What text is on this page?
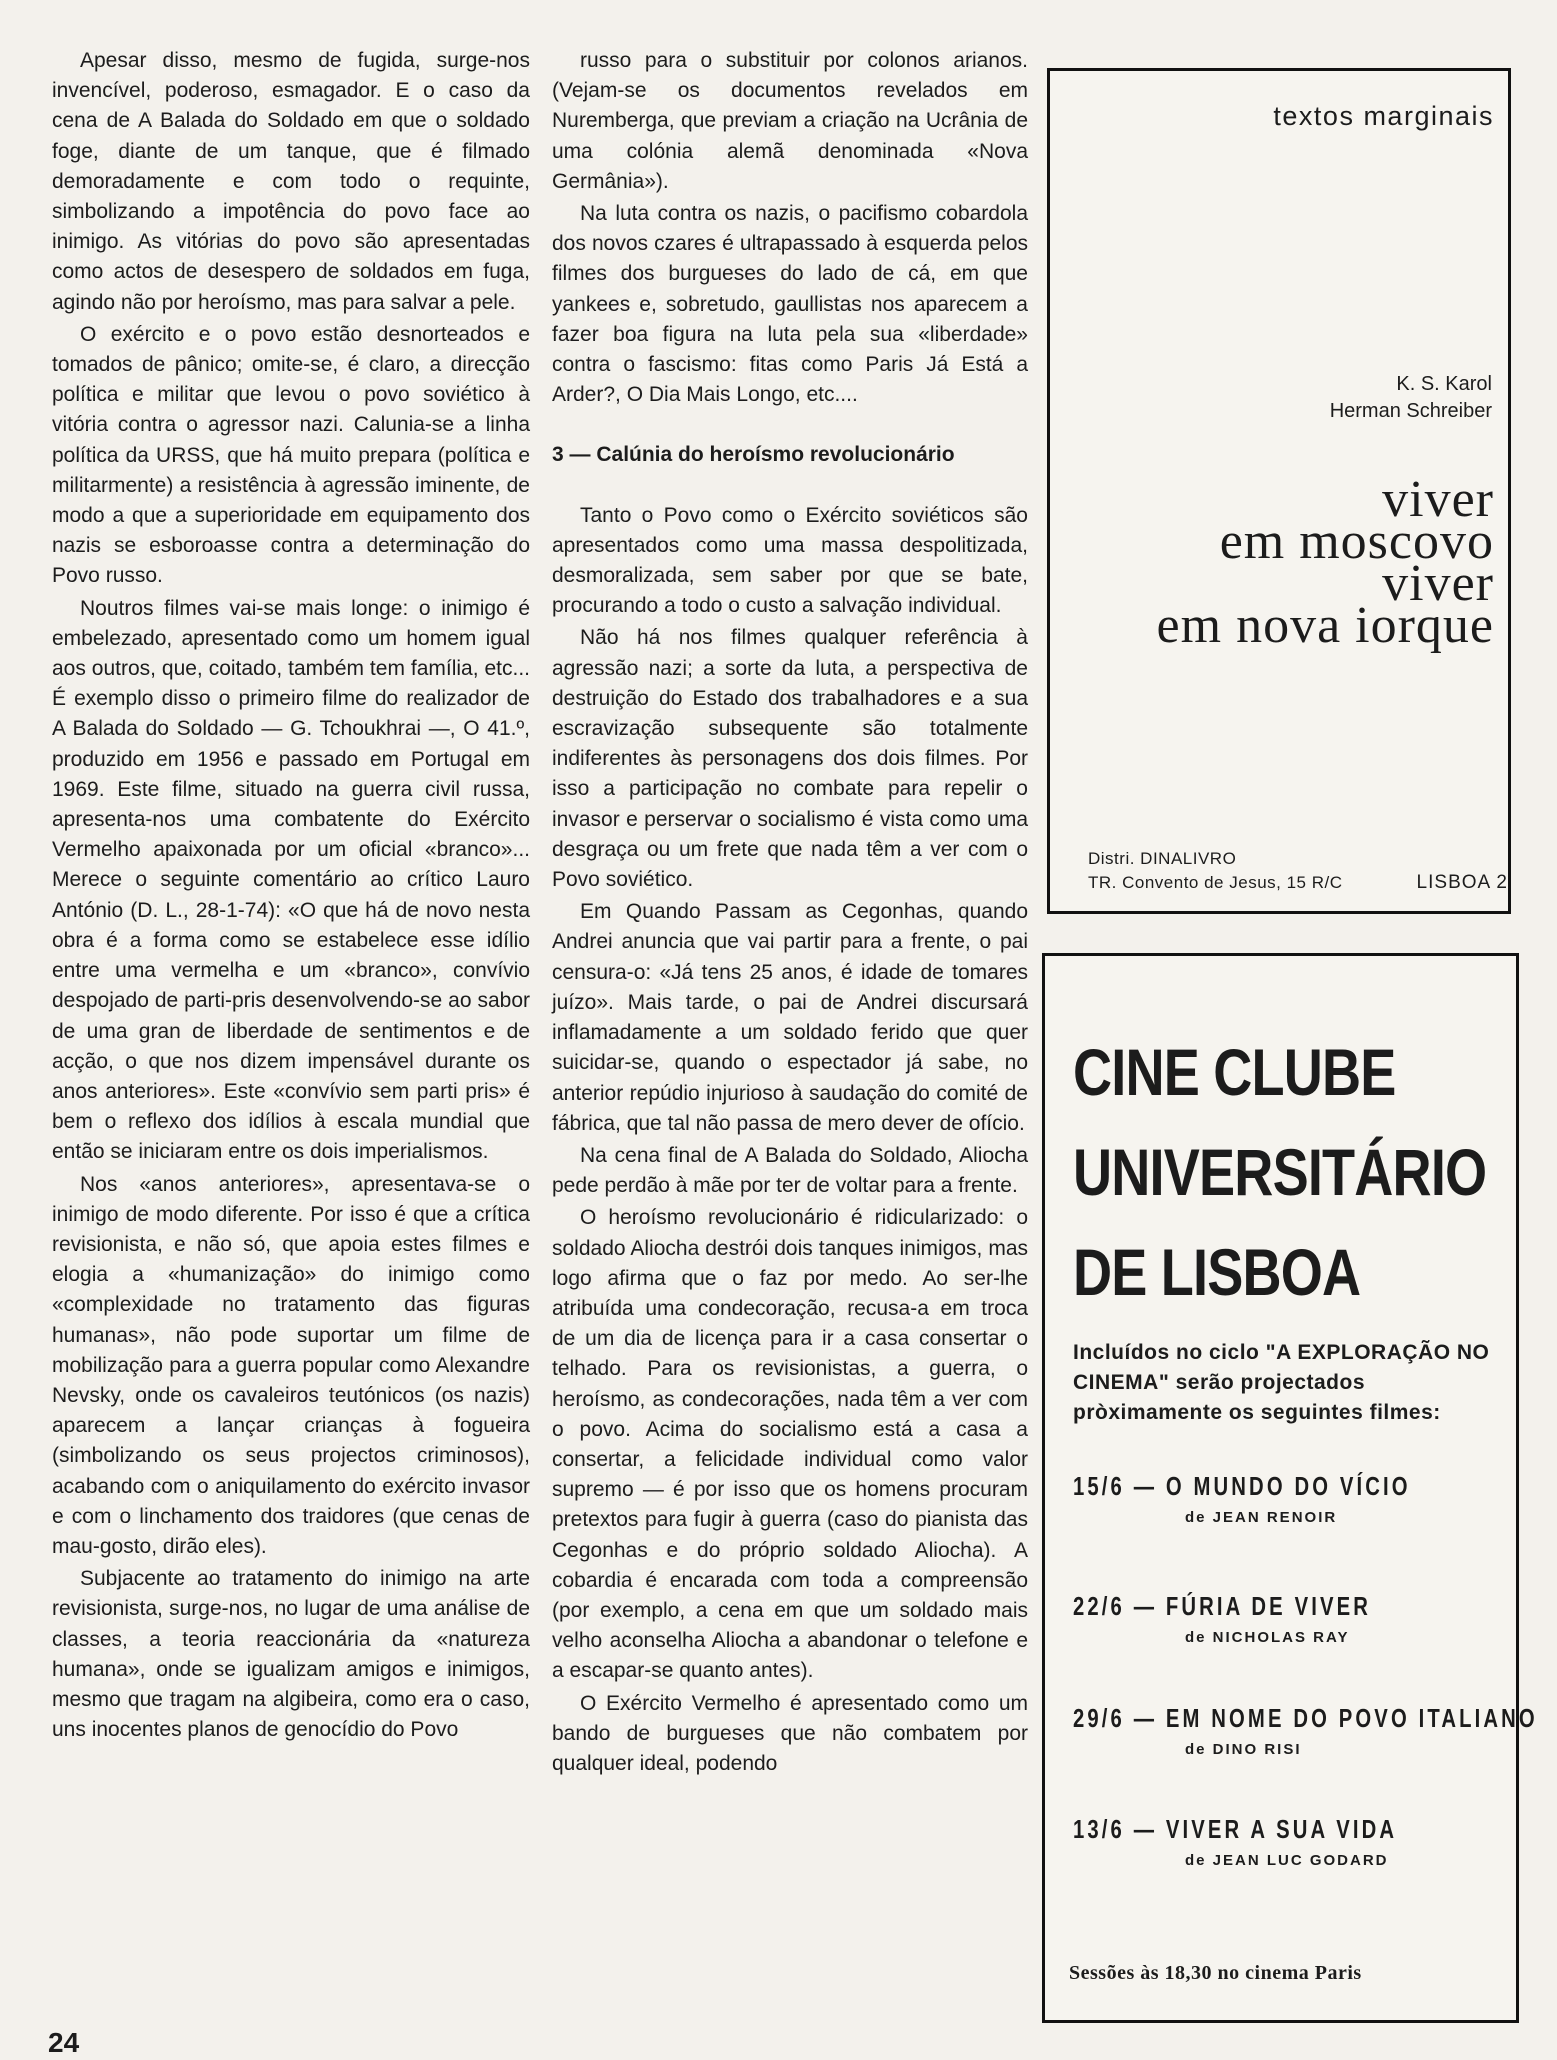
Apesar disso, mesmo de fugida, surge-nos invencível, poderoso, esmagador. E o caso da cena de A Balada do Soldado em que o soldado foge, diante de um tanque, que é filmado demoradamente e com todo o requinte, simbolizando a impotência do povo face ao inimigo. As vitórias do povo são apresentadas como actos de desespero de soldados em fuga, agindo não por heroísmo, mas para salvar a pele.

O exército e o povo estão desnorteados e tomados de pânico; omite-se, é claro, a direcção política e militar que levou o povo soviético à vitória contra o agressor nazi. Calunia-se a linha política da URSS, que há muito prepara (política e militarmente) a resistência à agressão iminente, de modo a que a superioridade em equipamento dos nazis se esboroasse contra a determinação do Povo russo.

Noutros filmes vai-se mais longe: o inimigo é embelezado, apresentado como um homem igual aos outros, que, coitado, também tem família, etc... É exemplo disso o primeiro filme do realizador de A Balada do Soldado — G. Tchoukhrai —, O 41.º, produzido em 1956 e passado em Portugal em 1969. Este filme, situado na guerra civil russa, apresenta-nos uma combatente do Exército Vermelho apaixonada por um oficial «branco»... Merece o seguinte comentário ao crítico Lauro António (D. L., 28-1-74): «O que há de novo nesta obra é a forma como se estabelece esse idílio entre uma vermelha e um «branco», convívio despojado de parti-pris desenvolvendo-se ao sabor de uma gran de liberdade de sentimentos e de acção, o que nos dizem impensável durante os anos anteriores». Este «convívio sem parti pris» é bem o reflexo dos idílios à escala mundial que então se iniciaram entre os dois imperialismos.

Nos «anos anteriores», apresentava-se o inimigo de modo diferente. Por isso é que a crítica revisionista, e não só, que apoia estes filmes e elogia a «humanização» do inimigo como «complexidade no tratamento das figuras humanas», não pode suportar um filme de mobilização para a guerra popular como Alexandre Nevsky, onde os cavaleiros teutónicos (os nazis) aparecem a lançar crianças à fogueira (simbolizando os seus projectos criminosos), acabando com o aniquilamento do exército invasor e com o linchamento dos traidores (que cenas de mau-gosto, dirão eles).

Subjacente ao tratamento do inimigo na arte revisionista, surge-nos, no lugar de uma análise de classes, a teoria reaccionária da «natureza humana», onde se igualizam amigos e inimigos, mesmo que tragam na algibeira, como era o caso, uns inocentes planos de genocídio do Povo

russo para o substituir por colonos arianos. (Vejam-se os documentos revelados em Nuremberga, que previam a criação na Ucrânia de uma colónia alemã denominada «Nova Germânia»).

Na luta contra os nazis, o pacifismo cobardola dos novos czares é ultrapassado à esquerda pelos filmes dos burgueses do lado de cá, em que yankees e, sobretudo, gaullistas nos aparecem a fazer boa figura na luta pela sua «liberdade» contra o fascismo: fitas como Paris Já Está a Arder?, O Dia Mais Longo, etc....

3 — Calúnia do heroísmo revolucionário

Tanto o Povo como o Exército soviéticos são apresentados como uma massa despolitizada, desmoralizada, sem saber por que se bate, procurando a todo o custo a salvação individual.

Não há nos filmes qualquer referência à agressão nazi; a sorte da luta, a perspectiva de destruição do Estado dos trabalhadores e a sua escravização subsequente são totalmente indiferentes às personagens dos dois filmes. Por isso a participação no combate para repelir o invasor e perservar o socialismo é vista como uma desgraça ou um frete que nada têm a ver com o Povo soviético.

Em Quando Passam as Cegonhas, quando Andrei anuncia que vai partir para a frente, o pai censura-o: «Já tens 25 anos, é idade de tomares juízo». Mais tarde, o pai de Andrei discursará inflamadamente a um soldado ferido que quer suicidar-se, quando o espectador já sabe, no anterior repúdio injurioso à saudação do comité de fábrica, que tal não passa de mero dever de ofício.

Na cena final de A Balada do Soldado, Aliocha pede perdão à mãe por ter de voltar para a frente.

O heroísmo revolucionário é ridicularizado: o soldado Aliocha destrói dois tanques inimigos, mas logo afirma que o faz por medo. Ao ser-lhe atribuída uma condecoração, recusa-a em troca de um dia de licença para ir a casa consertar o telhado. Para os revisionistas, a guerra, o heroísmo, as condecorações, nada têm a ver com o povo. Acima do socialismo está a casa a consertar, a felicidade individual como valor supremo — é por isso que os homens procuram pretextos para fugir à guerra (caso do pianista das Cegonhas e do próprio soldado Aliocha). A cobardia é encarada com toda a compreensão (por exemplo, a cena em que um soldado mais velho aconselha Aliocha a abandonar o telefone e a escapar-se quanto antes).

O Exército Vermelho é apresentado como um bando de burgueses que não combatem por qualquer ideal, podendo

textos marginais
K. S. Karol
Herman Schreiber
viver
em moscovo
viver
em nova iorque
Distri. DINALIVRO
TR. Convento de Jesus, 15 R/C	LISBOA 2
CINE CLUBE
UNIVERSITÁRIO
DE LISBOA
Incluídos no ciclo "A EXPLORAÇÃO NO CINEMA" serão projectados pròximamente os seguintes filmes:
15/6 — O MUNDO DO VÍCIO
de JEAN RENOIR
22/6 — FÚRIA DE VIVER
de NICHOLAS RAY
29/6 — EM NOME DO POVO ITALIANO
de DINO RISI
13/6 — VIVER A SUA VIDA
de JEAN LUC GODARD
Sessões às 18,30 no cinema Paris
24
